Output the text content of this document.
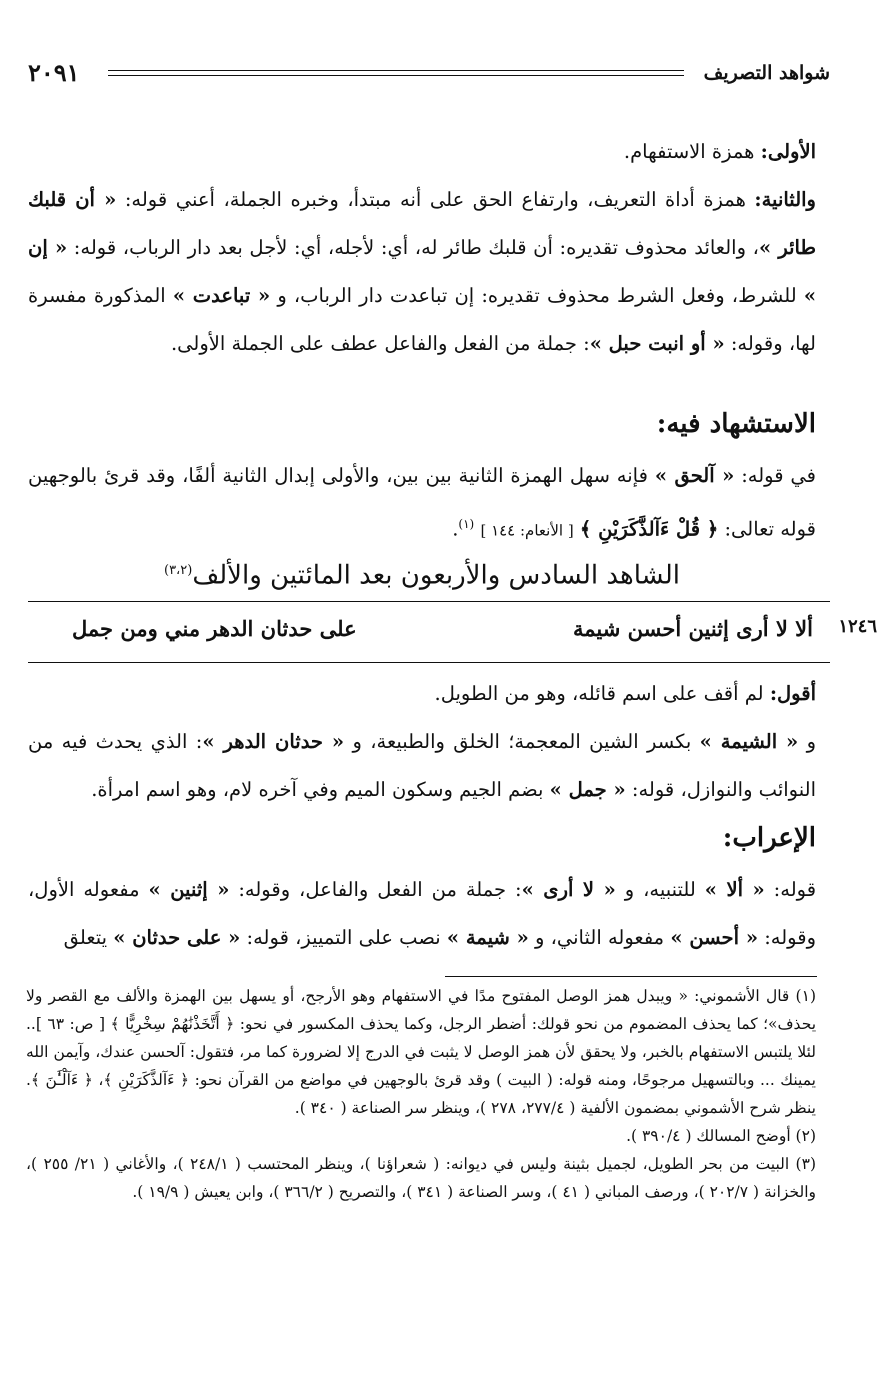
٢٠٩١	شواهد التصريف
الأولى: همزة الاستفهام.
والثانية: همزة أداة التعريف، وارتفاع الحق على أنه مبتدأ، وخبره الجملة، أعني قوله: « أن قلبك طائر »، والعائد محذوف تقديره: أن قلبك طائر له، أي: لأجله، أي: لأجل بعد دار الرباب، قوله: « إن » للشرط، وفعل الشرط محذوف تقديره: إن تباعدت دار الرباب، و « تباعدت » المذكورة مفسرة لها، وقوله: « أو انبت حبل »: جملة من الفعل والفاعل عطف على الجملة الأولى.
الاستشهاد فيه:
في قوله: « آلحق » فإنه سهل الهمزة الثانية بين بين، والأولى إبدال الثانية ألفًا، وقد قرئ بالوجهين قوله تعالى: ﴿ قُلْ ءَآلذَّكَرَيْنِ ﴾ [ الأنعام: ١٤٤ ] $^{(١)}$.
الشاهد السادس والأربعون بعد المائتين والألف$^{(٣،٢)}$
١٢٤٦
ألا لا أرى إثنين أحسن شيمة
على حدثان الدهر مني ومن جمل
أقول: لم أقف على اسم قائله، وهو من الطويل.
و « الشيمة » بكسر الشين المعجمة؛ الخلق والطبيعة، و « حدثان الدهر »: الذي يحدث فيه من النوائب والنوازل، قوله: « جمل » بضم الجيم وسكون الميم وفي آخره لام، وهو اسم امرأة.
الإعراب:
قوله: « ألا » للتنبيه، و « لا أرى »: جملة من الفعل والفاعل، وقوله: « إثنين » مفعوله الأول، وقوله: « أحسن » مفعوله الثاني، و « شيمة » نصب على التمييز، قوله: « على حدثان » يتعلق

(١) قال الأشموني: « ويبدل همز الوصل المفتوح مدًا في الاستفهام وهو الأرجح، أو يسهل بين الهمزة والألف مع القصر ولا يحذف»؛ كما يحذف المضموم من نحو قولك: أضطر الرجل، وكما يحذف المكسور في نحو: ﴿ أَتَّخَذْنَٰهُمْ سِخْرِيًّا ﴾ [ ص: ٦٣ ].. لئلا يلتبس الاستفهام بالخبر، ولا يحقق لأن همز الوصل لا يثبت في الدرج إلا لضرورة كما مر، فتقول: آلحسن عندك، وآيمن الله يمينك ... وبالتسهيل مرجوحًا، ومنه قوله: ( البيت ) وقد قرئ بالوجهين في مواضع من القرآن نحو: ﴿ ءَآلذَّكَرَيْنِ ﴾، ﴿ ءَآلْـَٰٔنَ ﴾. ينظر شرح الأشموني بمضمون الألفية ( ٢٧٧/٤، ٢٧٨ )، وينظر سر الصناعة ( ٣٤٠ ).

(٢) أوضح المسالك ( ٣٩٠/٤ ).

(٣) البيت من بحر الطويل، لجميل بثينة وليس في ديوانه: ( شعراؤنا )، وينظر المحتسب ( ٢٤٨/١ )، والأغاني ( ٢١/ ٢٥٥ )، والخزانة ( ٢٠٢/٧ )، ورصف المباني ( ٤١ )، وسر الصناعة ( ٣٤١ )، والتصريح ( ٣٦٦/٢ )، وابن يعيش ( ١٩/٩ ).
